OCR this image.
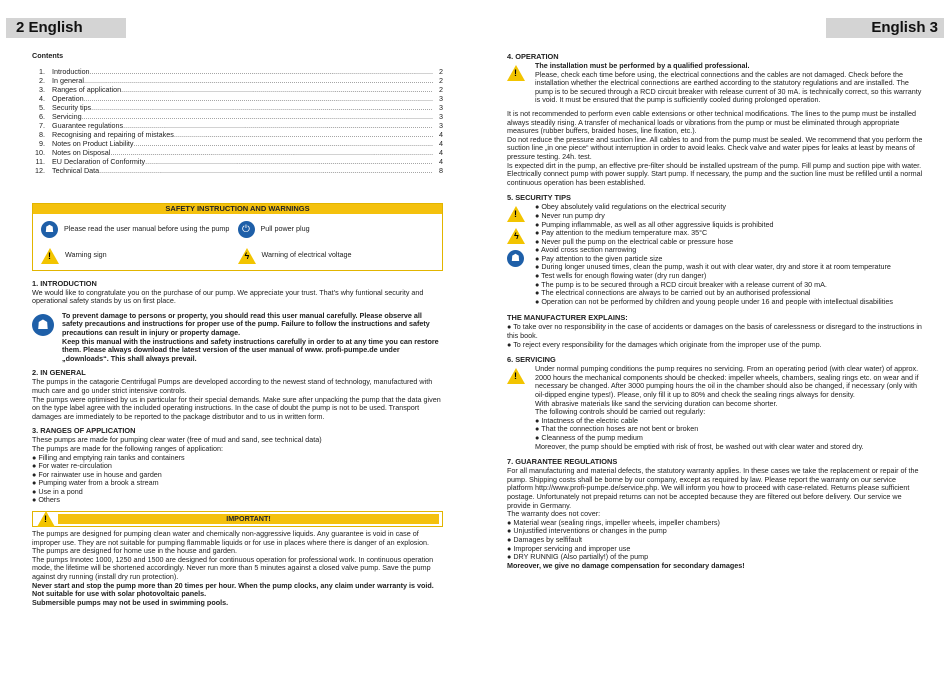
2 English	English 3
Contents
1. Introduction .....	2
2. In general .....	2
3. Ranges of application .....	2
4. Operation .....	3
5. Security tips .....	3
6. Servicing .....	3
7. Guarantee regulations .....	3
8. Recognising and repairing of mistakes .....	4
9. Notes on Product Liability .....	4
10. Notes on Disposal .....	4
11. EU Declaration of Conformity .....	4
12. Technical Data .....	8
SAFETY INSTRUCTION AND WARNINGS
☗	Please read the user manual before using the pump	⏻	Pull power plug
! Warning sign	ϟ Warning of electrical voltage
1. INTRODUCTION

We would like to congratulate you on the purchase of our pump. We appreciate your trust. That’s why funtional security and operational safety stands by us on first place.

☗

To prevent damage to persons or property, you should read this user manual carefully. Please observe all safety precautions and instructions for proper use of the pump. Failure to follow the instructions and safety precautions can result in injury or property damage.

Keep this manual with the instructions and safety instructions carefully in order to at any time you can restore them. Please always download the latest version of the user manual of www. profi-pumpe.de under „downloads“. This shall always prevail.

2. IN GENERAL

The pumps in the catagorie Centrifugal Pumps are developed according to the newest stand of technology, manufactured with much care and go under strict intensive controls.

The pumps were optimised by us in particular for their special demands. Make sure after unpacking the pump that the data given on the type label agree with the included operating instructions. In the case of doubt the pump is not to be used. Transport damages are immediately to be reported to the package distributor and to us in written form.

3. RANGES OF APPLICATION

These pumps are made for pumping clear water (free of mud and sand, see technical data)

The pumps are made for the following ranges of application:

● Filling and emptying rain tanks and containers
● For water re-circulation
● For rainwater use in house and garden
● Pumping water from a brook a stream
● Use in a pond
● Others
!	IMPORTANT!

The pumps are designed for pumping clean water and chemically non-aggressive liquids. Any guarantee is void in case of improper use. They are not suitable for pumping flammable liquids or for use in places where there is danger of an explosion. The pumps are designed for home use in the house and garden.

The pumps Innotec 1000, 1250 and 1500 are designed for continuous operation for professional work. In continuous operation mode, the lifetime will be shortened accordingly. Never run more than 5 minutes against a closed valve pump. Save the pump against dry running (install dry run protection).

Never start and stop the pump more than 20 times per hour. When the pump clocks, any claim under warranty is void. Not suitable for use with solar photovoltaic panels.

Submersible pumps may not be used in swimming pools.

4. OPERATION
!

The installation must be performed by a qualified professional.

Please, check each time before using, the electrical connections and the cables are not damaged. Check before the installation whether the electrical connections are earthed according to the statutory regulations and are installed. The pump is to be secured through a RCD circuit breaker with release current of 30 mA. is technically correct, so this warranty is void. It must be ensured that the pump is sufficiently cooled during prolonged operation.

It is not recommended to perform even cable extensions or other technical modifications. The lines to the pump must be installed always steadily rising. A transfer of mechanical loads or vibrations from the pump or must be eliminated through appropriate measures (rubber buffers, braided hoses, line fixation, etc.).

Do not reduce the pressure and suction line. All cables to and from the pump must be sealed. We recommend that you perform the suction line „in one piece“ without interruption in order to avoid leaks. Check valve and water pipes for leaks at least by means of pressure testing. 24h. test.

Is expected dirt in the pump, an effective pre-filter should be installed upstream of the pump. Fill pump and suction pipe with water. Electrically connect pump with power supply. Start pump. If necessary, the pump and the suction line must be refilled until a normal continuous operation has been established.

5. SECURITY TIPS
!
ϟ
☗
● Obey absolutely valid regulations on the electrical security
● Never run pump dry
● Pumping inflammable, as well as all other aggressive liquids is prohibited
● Pay attention to the medium temperature max. 35°C
● Never pull the pump on the electrical cable or pressure hose
● Avoid cross section narrowing
● Pay attention to the given particle size
● During longer unused times, clean the pump, wash it out with clear water, dry and store it at room temperature
● Test wells for enough flowing water (dry run danger)
● The pump is to be secured through a RCD circuit breaker with a release current of 30 mA.
● The electrical connections are always to be carried out by an authorised professional
● Operation can not be performed by children and young people under 16 and people with intellectual disabilities
THE MANUFACTURER EXPLAINS:
● To take over no responsibility in the case of accidents or damages on the basis of carelessness or disregard to the instructions in this book.
● To reject every responsibility for the damages which originate from the improper use of the pump.
6. SERVICING
!

Under normal pumping conditions the pump requires no servicing. From an operating period (with clear water) of approx. 2000 hours the mechanical components should be checked: impeller wheels, chambers, sealing rings etc. on wear and if necessary be changed. After 3000 pumping hours the oil in the chamber should also be changed, if necessary (only with oil-dipped engine types!). Please, only fill it up to 80% and check the sealing rings always for density.

With abrasive materials like sand the servicing duration can become shorter.

The following controls should be carried out regularly:

● Intactness of the electric cable
● That the connection hoses are not bent or broken
● Cleanness of the pump medium

Moreover, the pump should be emptied with risk of frost, be washed out with clear water and stored dry.

7. GUARANTEE REGULATIONS

For all manufacturing and material defects, the statutory warranty applies. In these cases we take the replacement or repair of the pump. Shipping costs shall be borne by our company, except as required by law. Please report the warranty on our service platform http://www.profi-pumpe.de/service.php. We will inform you how to proceed with case-related. Returns please sufficient postage. Unfortunately not prepaid returns can not be accepted because they are filtered out before delivery. Our service we provide in Germany.

The warranty does not cover:

● Material wear (sealing rings, impeller wheels, impeller chambers)
● Unjustified interventions or changes in the pump
● Damages by selfifault
● Improper servicing and improper use
● DRY RUNNIG (Also partially!) of the pump

Moreover, we give no damage compensation for secondary damages!
